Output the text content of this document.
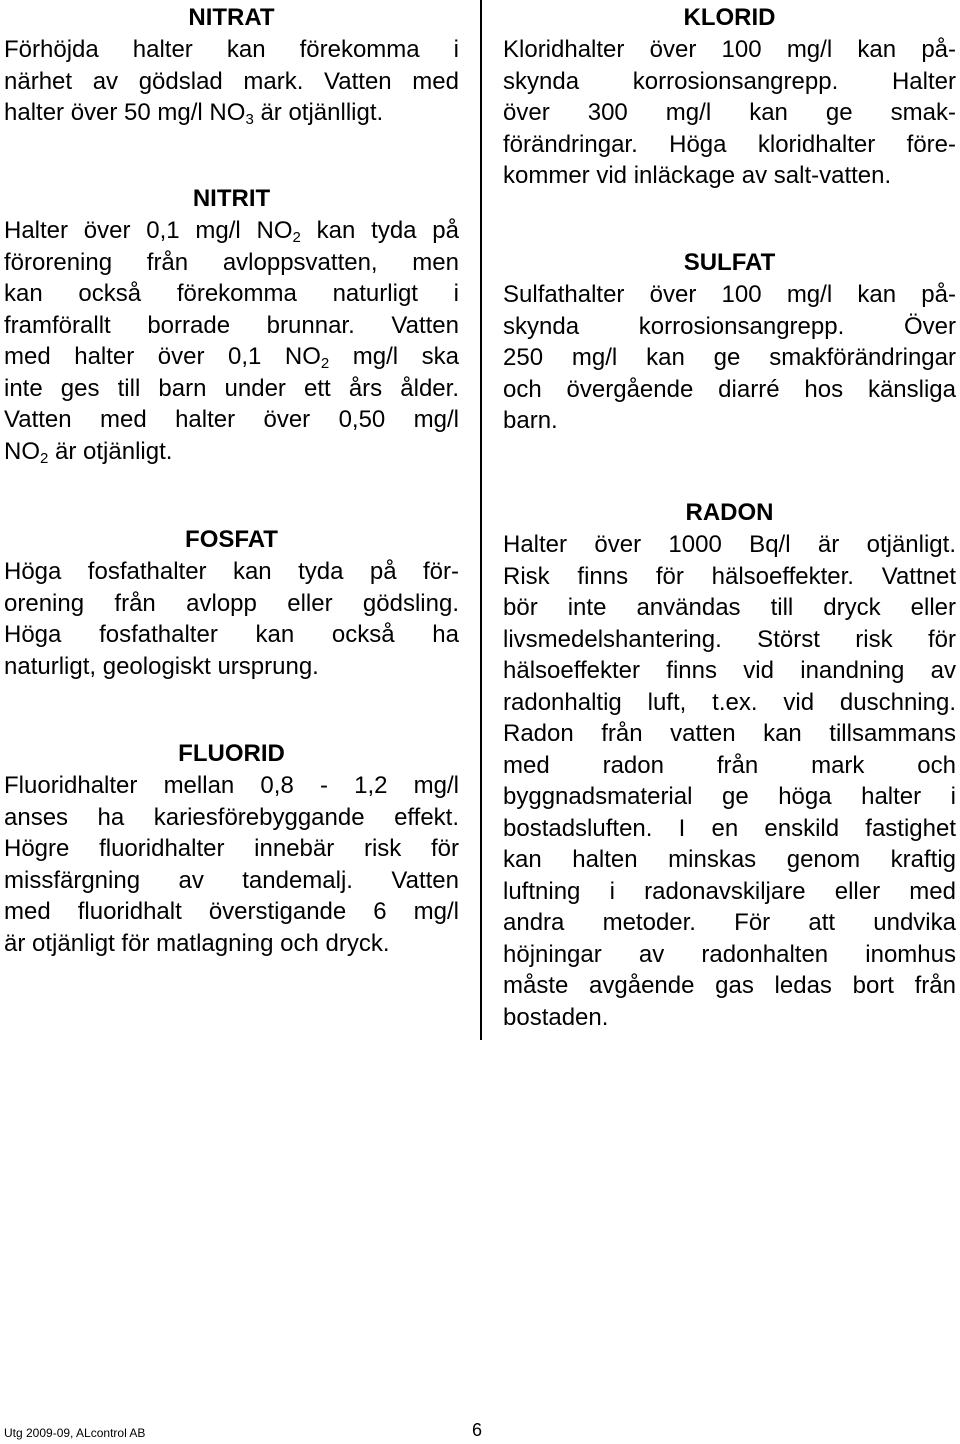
NITRAT
Förhöjda halter kan förekomma i
närhet av gödslad mark. Vatten med
halter över 50 mg/l $NO_3$ är otjänlligt.
NITRIT
Halter över 0,1 mg/l $NO_2$ kan tyda på
förorening från avloppsvatten, men
kan också förekomma naturligt i
framförallt borrade brunnar. Vatten
med halter över 0,1 $NO_2$ mg/l ska
inte ges till barn under ett års ålder.
Vatten med halter över 0,50 mg/l
$NO_2$ är otjänligt.
FOSFAT
Höga fosfathalter kan tyda på för-
orening från avlopp eller gödsling.
Höga fosfathalter kan också ha
naturligt, geologiskt ursprung.
FLUORID
Fluoridhalter mellan 0,8 - 1,2 mg/l
anses ha kariesförebyggande effekt.
Högre fluoridhalter innebär risk för
missfärgning av tandemalj. Vatten
med fluoridhalt överstigande 6 mg/l
är otjänligt för matlagning och dryck.
KLORID
Kloridhalter över 100 mg/l kan på-
skynda korrosionsangrepp. Halter
över 300 mg/l kan ge smak-
förändringar. Höga kloridhalter före-
kommer vid inläckage av salt-vatten.
SULFAT
Sulfathalter över 100 mg/l kan på-
skynda korrosionsangrepp. Över
250 mg/l kan ge smakförändringar
och övergående diarré hos känsliga
barn.
RADON
Halter över 1000 Bq/l är otjänligt.
Risk finns för hälsoeffekter. Vattnet
bör inte användas till dryck eller
livsmedelshantering. Störst risk för
hälsoeffekter finns vid inandning av
radonhaltig luft, t.ex. vid duschning.
Radon från vatten kan tillsammans
med radon från mark och
byggnadsmaterial ge höga halter i
bostadsluften. I en enskild fastighet
kan halten minskas genom kraftig
luftning i radonavskiljare eller med
andra metoder. För att undvika
höjningar av radonhalten inomhus
måste avgående gas ledas bort från
bostaden.
Utg 2009-09, ALcontrol AB	6
